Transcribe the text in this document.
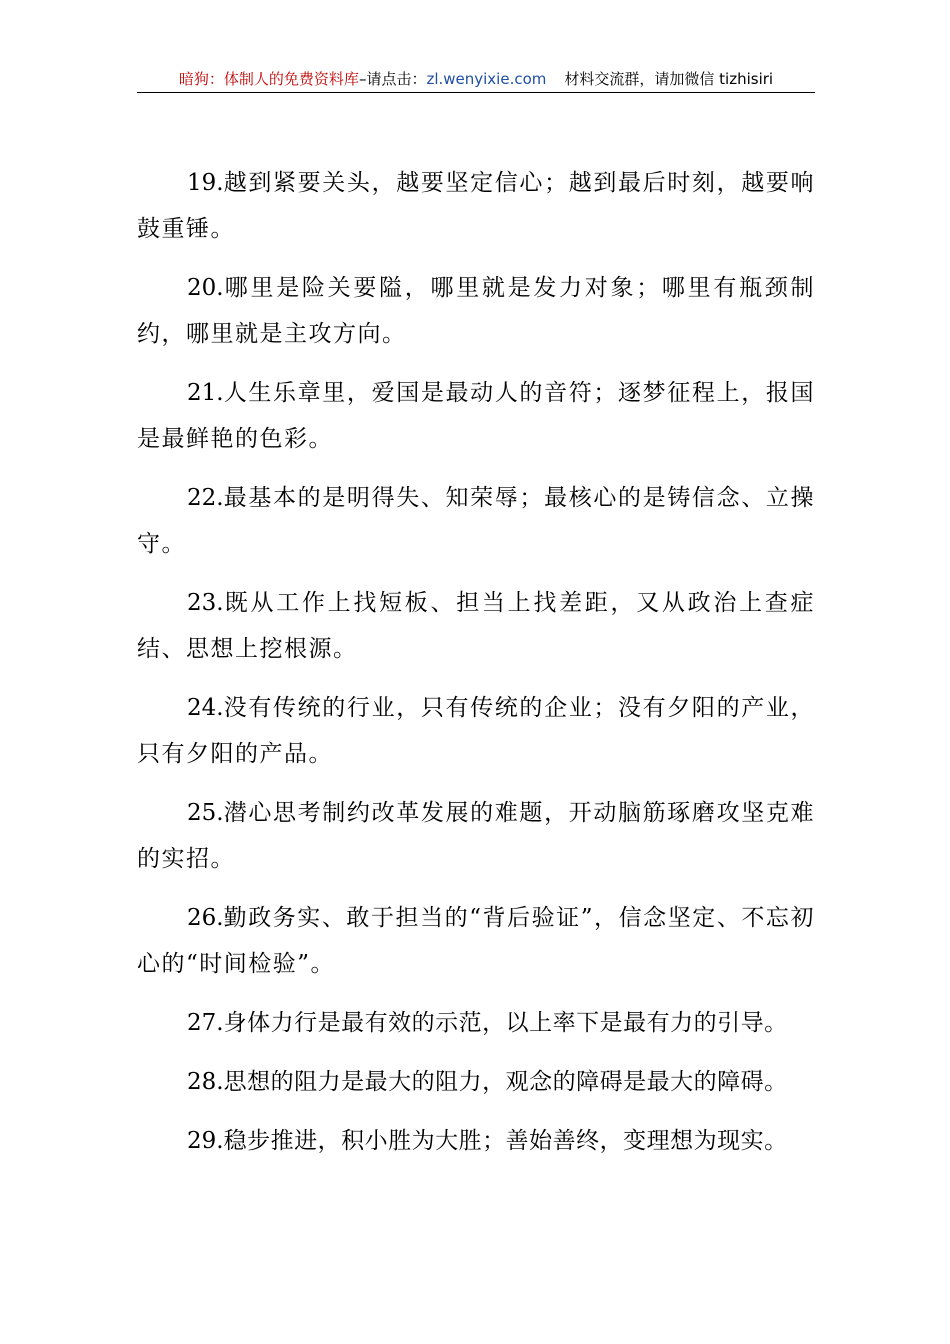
暗狗：体制人的免费资料库–请点击：zl.wenyixie.com 材料交流群，请加微信 tizhisiri

19.越到紧要关头，越要坚定信心；越到最后时刻，越要响鼓重锤。

20.哪里是险关要隘，哪里就是发力对象；哪里有瓶颈制约，哪里就是主攻方向。

21.人生乐章里，爱国是最动人的音符；逐梦征程上，报国是最鲜艳的色彩。

22.最基本的是明得失、知荣辱；最核心的是铸信念、立操守。

23.既从工作上找短板、担当上找差距，又从政治上查症结、思想上挖根源。

24.没有传统的行业，只有传统的企业；没有夕阳的产业，只有夕阳的产品。

25.潜心思考制约改革发展的难题，开动脑筋琢磨攻坚克难的实招。

26.勤政务实、敢于担当的“背后验证”，信念坚定、不忘初心的“时间检验”。

27.身体力行是最有效的示范，以上率下是最有力的引导。

28.思想的阻力是最大的阻力，观念的障碍是最大的障碍。

29.稳步推进，积小胜为大胜；善始善终，变理想为现实。
